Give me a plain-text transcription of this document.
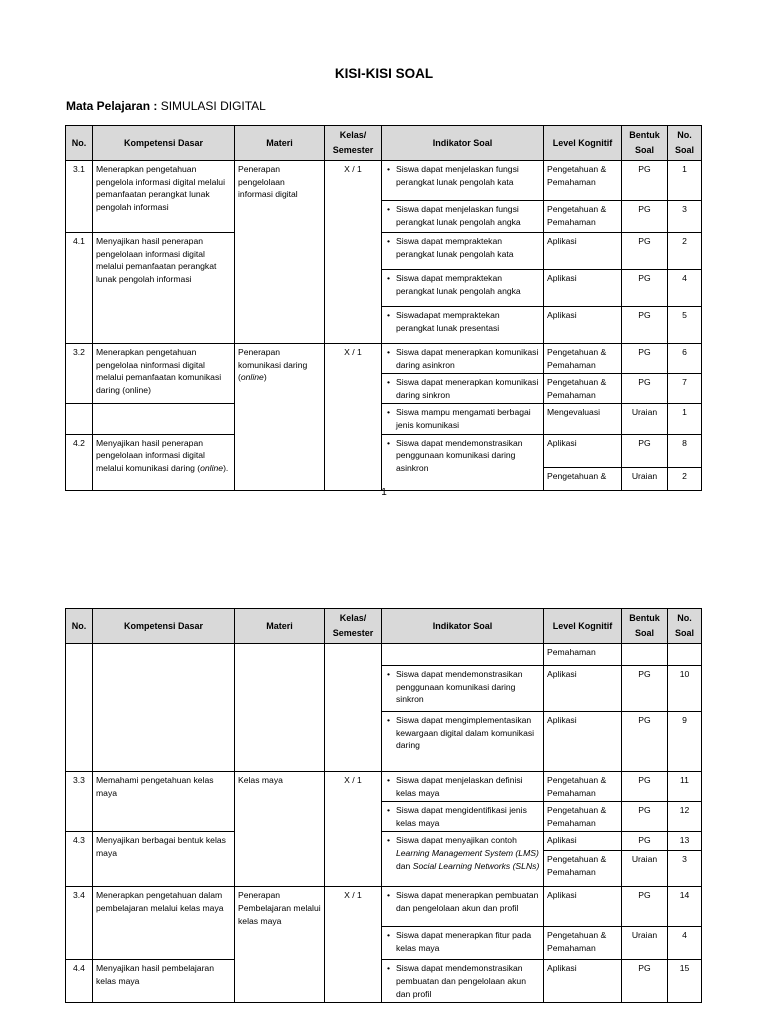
KISI-KISI SOAL
Mata Pelajaran : SIMULASI DIGITAL
No.	Kompetensi Dasar	Materi	Kelas/ Semester	Indikator Soal	Level Kognitif	Bentuk Soal	No. Soal
3.1	Menerapkan pengetahuan pengelola informasi digital melalui pemanfaatan perangkat lunak pengolah informasi	Penerapan pengelolaan informasi digital	X / 1	• Siswa dapat menjelaskan fungsi perangkat lunak pengolah kata	Pengetahuan & Pemahaman	PG	1

				• Siswa dapat menjelaskan fungsi perangkat lunak pengolah angka	Pengetahuan & Pemahaman	PG	3
4.1	Menyajikan hasil penerapan pengelolaan informasi digital melalui pemanfaatan perangkat lunak pengolah informasi			• Siswa dapat mempraktekan perangkat lunak pengolah kata	Aplikasi	PG	2

				• Siswa dapat mempraktekan perangkat lunak pengolah angka	Aplikasi	PG	4

				• Siswadapat mempraktekan perangkat lunak presentasi	Aplikasi	PG	5
3.2	Menerapkan pengetahuan pengelolaa ninformasi digital melalui pemanfaatan komunikasi daring (online)	Penerapan komunikasi daring (online)	X / 1	• Siswa dapat menerapkan komunikasi daring asinkron	Pengetahuan & Pemahaman	PG	6

				• Siswa dapat menerapkan komunikasi daring sinkron	Pengetahuan & Pemahaman	PG	7

				• Siswa mampu mengamati berbagai jenis komunikasi	Mengevaluasi	Uraian	1
4.2	Menyajikan hasil penerapan pengelolaan informasi digital melalui komunikasi daring (online).			• Siswa dapat mendemonstrasikan penggunaan komunikasi daring asinkron	Aplikasi	PG	8
					Pengetahuan &	Uraian	2
1
No.	Kompetensi Dasar	Materi	Kelas/ Semester	Indikator Soal	Level Kognitif	Bentuk Soal	No. Soal
					Pemahaman		

				• Siswa dapat mendemonstrasikan penggunaan komunikasi daring sinkron	Aplikasi	PG	10

				• Siswa dapat mengimplementasikan kewargaan digital dalam komunikasi daring	Aplikasi	PG	9
3.3	Memahami pengetahuan kelas maya	Kelas maya	X / 1	• Siswa dapat menjelaskan definisi kelas maya	Pengetahuan & Pemahaman	PG	11

				• Siswa dapat mengidentifikasi jenis kelas maya	Pengetahuan & Pemahaman	PG	12
4.3	Menyajikan berbagai bentuk kelas maya			• Siswa dapat menyajikan contoh Learning Management System (LMS) dan Social Learning Networks (SLNs)	Aplikasi	PG	13
					Pengetahuan & Pemahaman	Uraian	3
3.4	Menerapkan pengetahuan dalam pembelajaran melalui kelas maya	Penerapan Pembelajaran melalui kelas maya	X / 1	• Siswa dapat menerapkan pembuatan dan pengelolaan akun dan profil	Aplikasi	PG	14

				• Siswa dapat menerapkan fitur pada kelas maya	Pengetahuan & Pemahaman	Uraian	4
4.4	Menyajikan hasil pembelajaran kelas maya			• Siswa dapat mendemonstrasikan pembuatan dan pengelolaan akun dan profil	Aplikasi	PG	15
